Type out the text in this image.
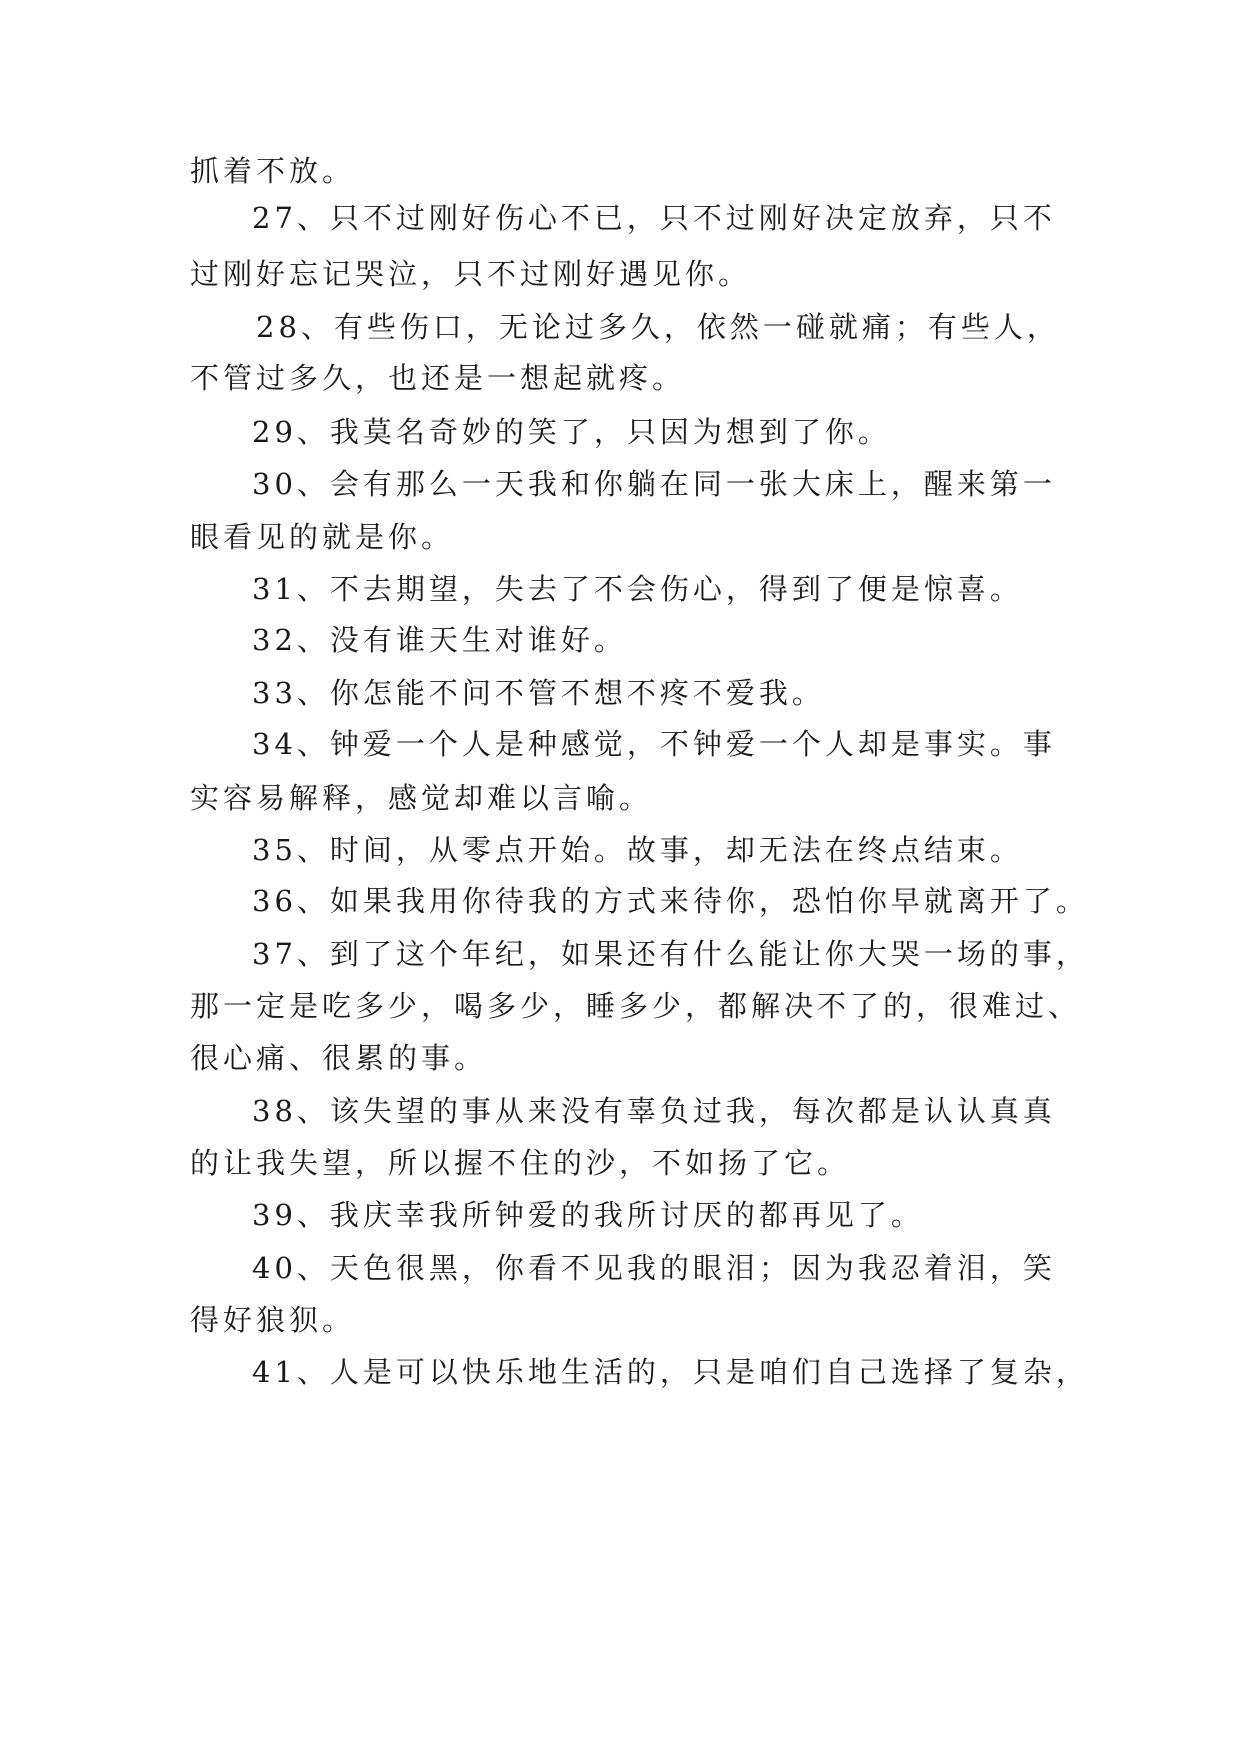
抓着不放。
27、只不过刚好伤心不已，只不过刚好决定放弃，只不
过刚好忘记哭泣，只不过刚好遇见你。
28、有些伤口，无论过多久，依然一碰就痛；有些人，
不管过多久，也还是一想起就疼。
29、我莫名奇妙的笑了，只因为想到了你。
30、会有那么一天我和你躺在同一张大床上，醒来第一
眼看见的就是你。
31、不去期望，失去了不会伤心，得到了便是惊喜。
32、没有谁天生对谁好。
33、你怎能不问不管不想不疼不爱我。
34、钟爱一个人是种感觉，不钟爱一个人却是事实。事
实容易解释，感觉却难以言喻。
35、时间，从零点开始。故事，却无法在终点结束。
36、如果我用你待我的方式来待你，恐怕你早就离开了。
37、到了这个年纪，如果还有什么能让你大哭一场的事，
那一定是吃多少，喝多少，睡多少，都解决不了的，很难过、
很心痛、很累的事。
38、该失望的事从来没有辜负过我，每次都是认认真真
的让我失望，所以握不住的沙，不如扬了它。
39、我庆幸我所钟爱的我所讨厌的都再见了。
40、天色很黑，你看不见我的眼泪；因为我忍着泪，笑
得好狼狈。
41、人是可以快乐地生活的，只是咱们自己选择了复杂，
